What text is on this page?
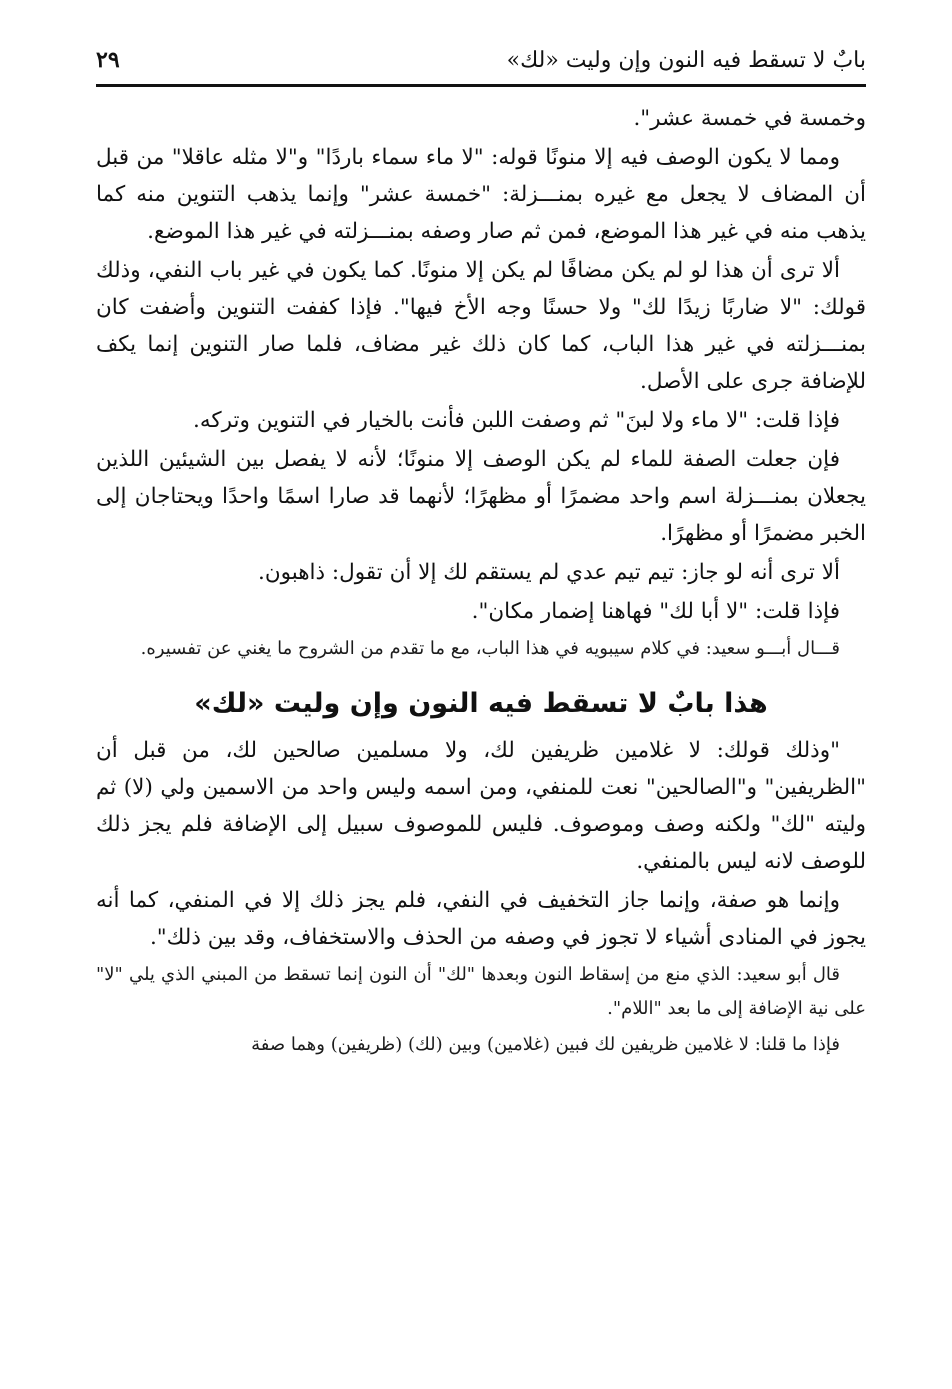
بابٌ لا تسقط فيه النون وإن وليت «لك»
٢٩

وخمسة في خمسة عشر".

ومما لا يكون الوصف فيه إلا منونًا قوله: "لا ماء سماء باردًا" و"لا مثله عاقلا" من قبل أن المضاف لا يجعل مع غيره بمنـــزلة: "خمسة عشر" وإنما يذهب التنوين منه كما يذهب منه في غير هذا الموضع، فمن ثم صار وصفه بمنـــزلته في غير هذا الموضع.

ألا ترى أن هذا لو لم يكن مضافًا لم يكن إلا منونًا. كما يكون في غير باب النفي، وذلك قولك: "لا ضاربًا زيدًا لك" ولا حسنًا وجه الأخ فيها". فإذا كففت التنوين وأضفت كان بمنـــزلته في غير هذا الباب، كما كان ذلك غير مضاف، فلما صار التنوين إنما يكف للإضافة جرى على الأصل.

فإذا قلت: "لا ماء ولا لبنَ" ثم وصفت اللبن فأنت بالخيار في التنوين وتركه.

فإن جعلت الصفة للماء لم يكن الوصف إلا منونًا؛ لأنه لا يفصل بين الشيئين اللذين يجعلان بمنـــزلة اسم واحد مضمرًا أو مظهرًا؛ لأنهما قد صارا اسمًا واحدًا ويحتاجان إلى الخبر مضمرًا أو مظهرًا.

ألا ترى أنه لو جاز: تيم تيم عدي لم يستقم لك إلا أن تقول: ذاهبون.

فإذا قلت: "لا أبا لك" فهاهنا إضمار مكان".

قـــال أبـــو سعيد: في كلام سيبويه في هذا الباب، مع ما تقدم من الشروح ما يغني عن تفسيره.

هذا بابٌ لا تسقط فيه النون وإن وليت «لك»

"وذلك قولك: لا غلامين ظريفين لك، ولا مسلمين صالحين لك، من قبل أن "الظريفين" و"الصالحين" نعت للمنفي، ومن اسمه وليس واحد من الاسمين ولي (لا) ثم وليته "لك" ولكنه وصف وموصوف. فليس للموصوف سبيل إلى الإضافة فلم يجز ذلك للوصف لانه ليس بالمنفي.

وإنما هو صفة، وإنما جاز التخفيف في النفي، فلم يجز ذلك إلا في المنفي، كما أنه يجوز في المنادى أشياء لا تجوز في وصفه من الحذف والاستخفاف، وقد بين ذلك".

قال أبو سعيد: الذي منع من إسقاط النون وبعدها "لك" أن النون إنما تسقط من المبني الذي يلي "لا" على نية الإضافة إلى ما بعد "اللام".

فإذا ما قلنا: لا غلامين ظريفين لك فبين (غلامين) وبين (لك) (ظريفين) وهما صفة
